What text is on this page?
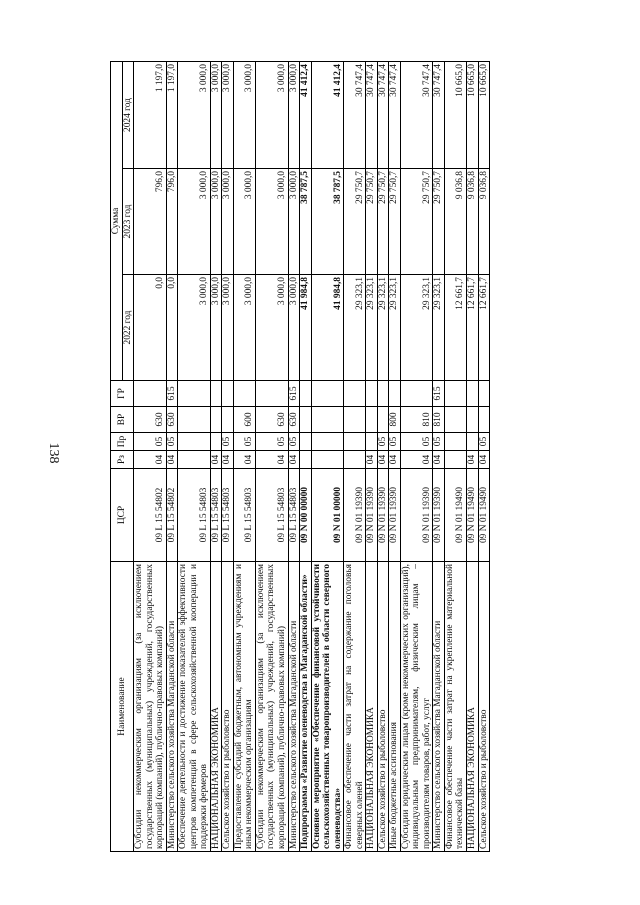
138
Наименование	ЦСР	Рз	Пр	ВР	ГР	Сумма		
						2022 год	2023 год	2024 год
Субсидии некоммерческим организациям (за исключением государственных (муниципальных) учреждений, государственных корпораций (компаний), публично-правовых компаний)	09 L 15 54802	04	05	630		0,0	796,0	1 197,0
Министерство сельского хозяйства Магаданской области	09 L 15 54802	04	05	630	615	0,0	796,0	1 197,0
Обеспечение деятельности и достижение показателей эффективности центров компетенций в сфере сельскохозяйственной кооперации и поддержки фермеров	09 L 15 54803					3 000,0	3 000,0	3 000,0
НАЦИОНАЛЬНАЯ ЭКОНОМИКА	09 L 15 54803	04				3 000,0	3 000,0	3 000,0
Сельское хозяйство и рыболовство	09 L 15 54803	04	05			3 000,0	3 000,0	3 000,0
Предоставление субсидий бюджетным, автономным учреждениям и иным некоммерческим организациям	09 L 15 54803	04	05	600		3 000,0	3 000,0	3 000,0
Субсидии некоммерческим организациям (за исключением государственных (муниципальных) учреждений, государственных корпораций (компаний), публично-правовых компаний)	09 L 15 54803	04	05	630		3 000,0	3 000,0	3 000,0
Министерство сельского хозяйства Магаданской области	09 L 15 54803	04	05	630	615	3 000,0	3 000,0	3 000,0
Подпрограмма «Развитие оленеводства в Магаданской области»	09 N 00 00000					41 984,8	38 787,5	41 412,4
Основное мероприятие «Обеспечение финансовой устойчивости сельскохозяйственных товаропроизводителей в области северного оленеводства»	09 N 01 00000					41 984,8	38 787,5	41 412,4
Финансовое обеспечение части затрат на содержание поголовья северных оленей	09 N 01 19390					29 323,1	29 750,7	30 747,4
НАЦИОНАЛЬНАЯ ЭКОНОМИКА	09 N 01 19390	04				29 323,1	29 750,7	30 747,4
Сельское хозяйство и рыболовство	09 N 01 19390	04	05			29 323,1	29 750,7	30 747,4
Иные бюджетные ассигнования	09 N 01 19390	04	05	800		29 323,1	29 750,7	30 747,4
Субсидии юридическим лицам (кроме некоммерческих организаций), индивидуальным предпринимателям, физическим лицам – производителям товаров, работ, услуг	09 N 01 19390	04	05	810		29 323,1	29 750,7	30 747,4
Министерство сельского хозяйства Магаданской области	09 N 01 19390	04	05	810	615	29 323,1	29 750,7	30 747,4
Финансовое обеспечение части затрат на укрепление материальной технической базы	09 N 01 19490					12 661,7	9 036,8	10 665,0
НАЦИОНАЛЬНАЯ ЭКОНОМИКА	09 N 01 19490	04				12 661,7	9 036,8	10 665,0
Сельское хозяйство и рыболовство	09 N 01 19490	04	05			12 661,7	9 036,8	10 665,0
